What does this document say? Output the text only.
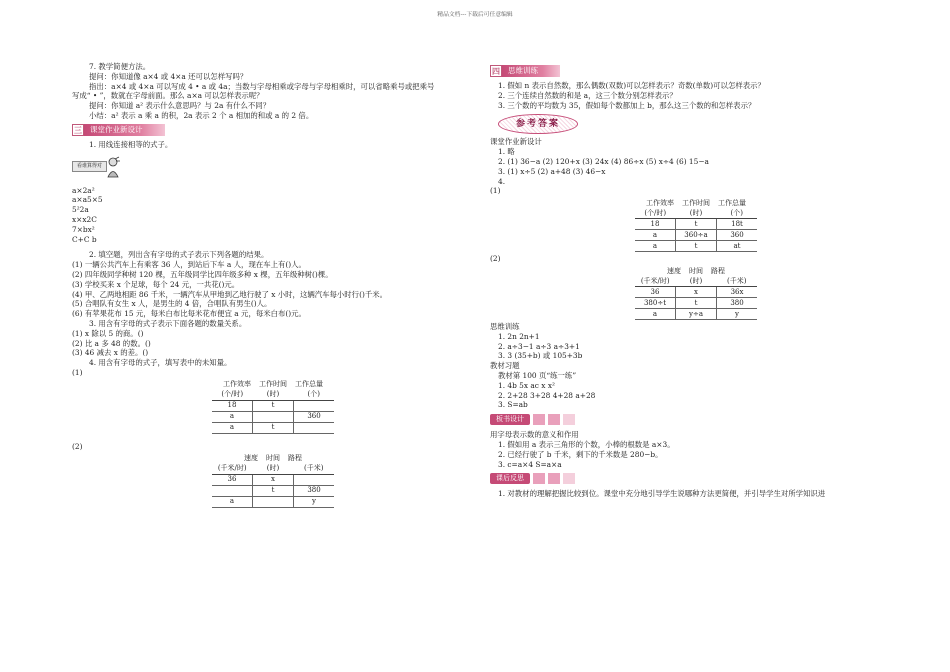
精品文档---下载后可任意编辑
7. 教学简便方法。
提问：你知道像 a×4 或 4×a 还可以怎样写吗？
指出：a×4 或 4×a 可以写成 4 • a 或 4a；当数与字母相乘或字母与字母相乘时，可以省略乘号或把乘号
写成“ • ”，数就在字母前面。那么 a×a 可以怎样表示呢？
提问：你知道 a² 表示什么意思吗？与 2a 有什么不同？
小结：a² 表示 a 乘 a 的积，2a 表示 2 个 a 相加的和或 a 的 2 倍。
三	课堂作业新设计
1. 用线连接相等的式子。
看谁算得对
a×2a²
a×a5×5
5²2a
x×x2C
7×bx²
C+C b
2. 填空题，列出含有字母的式子表示下列各题的结果。
(1) 一辆公共汽车上有乘客 36 人，到站后下车 a 人，现在车上有()人。
(2) 四年级同学种树 120 棵，五年级同学比四年级多种 x 棵，五年级种树()棵。
(3) 学校买来 x 个足球，每个 24 元，一共花()元。
(4) 甲、乙两地相距 86 千米，一辆汽车从甲地到乙地行驶了 x 小时，这辆汽车每小时行()千米。
(5) 合唱队有女生 x 人，是男生的 4 倍，合唱队有男生()人。
(6) 有苹果花布 15 元，每米白布比每米花布便宜 a 元，每米白布()元。
3. 用含有字母的式子表示下面各题的数量关系。
(1) x 除以 5 的商。()
(2) 比 a 多 48 的数。()
(3) 46 减去 x 的差。()
4. 用含有字母的式子，填写表中的未知量。
(1)
工作效率 工作时间 工作总量		
(个/时)	(时)	(个)
18	t	
a		360
a	t	
(2)
速度 时间 路程		
(千米/时)	(时)	(千米)
36	x	
	t	380
a		y
四	思维训练
1. 假如 n 表示自然数，那么偶数(双数)可以怎样表示？奇数(单数)可以怎样表示？
2. 三个连续自然数的和是 a，这三个数分别怎样表示？
3. 三个数的平均数为 35，假如每个数都加上 b，那么这三个数的和怎样表示？
参考答案
课堂作业新设计
1. 略
2. (1) 36−a (2) 120+x (3) 24x (4) 86÷x (5) x÷4 (6) 15−a
3. (1) x÷5 (2) a+48 (3) 46−x
4.
(1)
工作效率 工作时间 工作总量		
(个/时)	(时)	(个)
18	t	18t
a	360÷a	360
a	t	at
(2)
速度 时间 路程		
(千米/时)	(时)	(千米)
36	x	36x
380÷t	t	380
a	y÷a	y
思维训练
1. 2n 2n+1
2. a÷3−1 a÷3 a÷3+1
3. 3 (35+b) 或 105+3b
教材习题
教材第 100 页“练一练”
1. 4b 5x ac x x²
2. 2+28 3+28 4+28 a+28
3. S=ab
板书设计
用字母表示数的意义和作用
1. 假如用 a 表示三角形的个数，小棒的根数是 a×3。
2. 已经行驶了 b 千米，剩下的千米数是 280−b。
3. c=a×4 S=a×a
课后反思
1. 对教材的理解把握比较到位。课堂中充分地引导学生说哪种方法更简便，并引导学生对所学知识进
